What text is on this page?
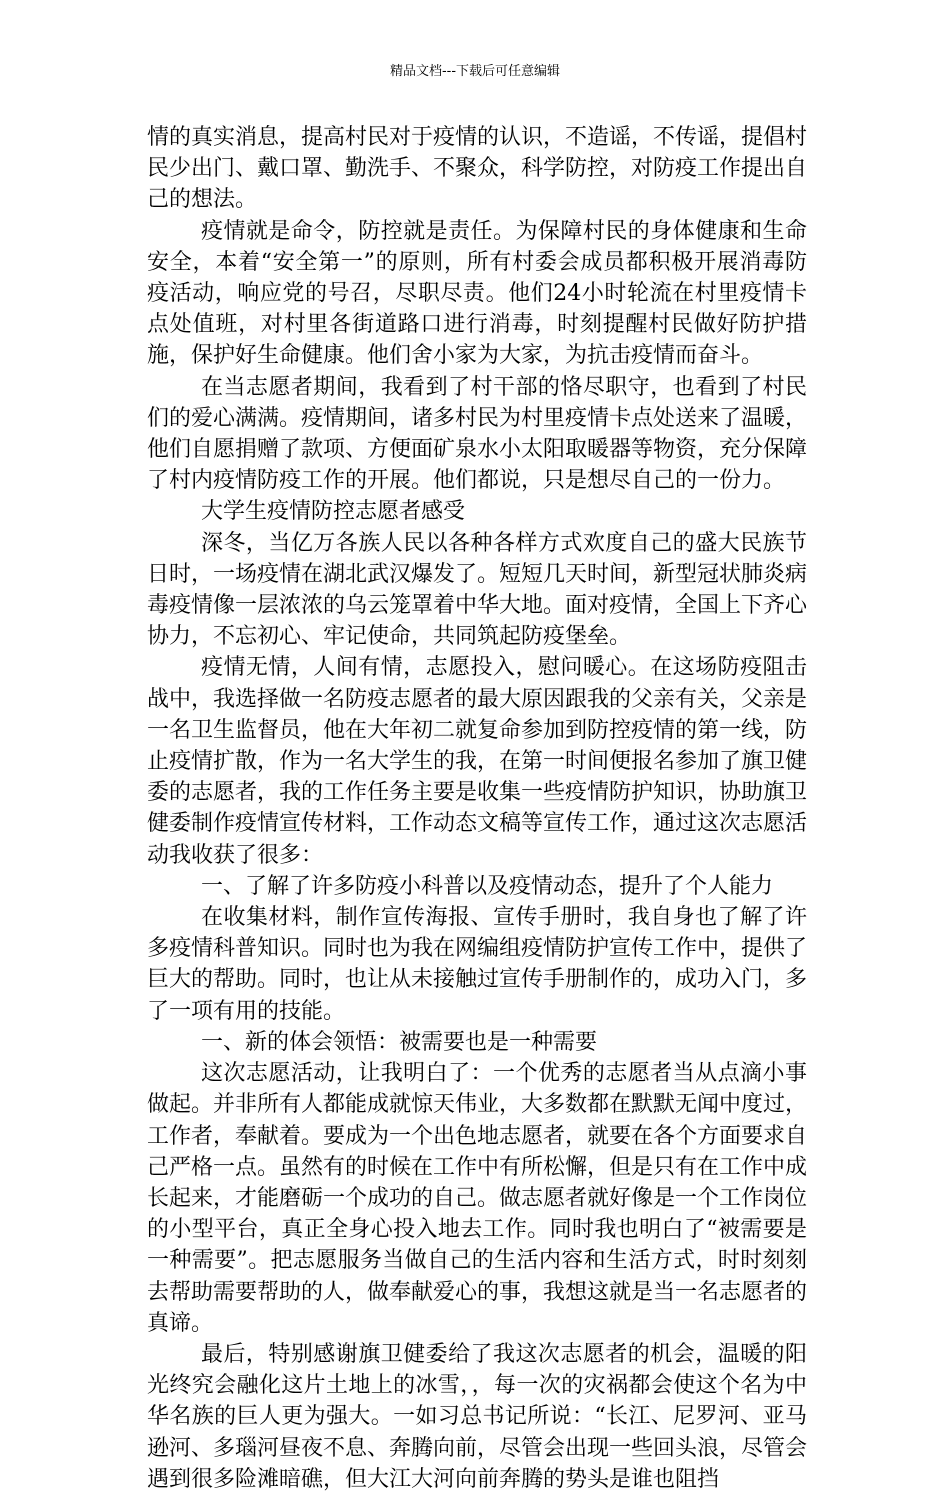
精品文档---下载后可任意编辑

情的真实消息，提高村民对于疫情的认识，不造谣，不传谣，提倡村民少出门、戴口罩、勤洗手、不聚众，科学防控，对防疫工作提出自己的想法。

疫情就是命令，防控就是责任。为保障村民的身体健康和生命安全，本着“安全第一”的原则，所有村委会成员都积极开展消毒防疫活动，响应党的号召，尽职尽责。他们24小时轮流在村里疫情卡点处值班，对村里各街道路口进行消毒，时刻提醒村民做好防护措施，保护好生命健康。他们舍小家为大家，为抗击疫情而奋斗。

在当志愿者期间，我看到了村干部的恪尽职守，也看到了村民们的爱心满满。疫情期间，诸多村民为村里疫情卡点处送来了温暖，他们自愿捐赠了款项、方便面矿泉水小太阳取暖器等物资，充分保障了村内疫情防疫工作的开展。他们都说，只是想尽自己的一份力。

大学生疫情防控志愿者感受

深冬，当亿万各族人民以各种各样方式欢度自己的盛大民族节日时，一场疫情在湖北武汉爆发了。短短几天时间，新型冠状肺炎病毒疫情像一层浓浓的乌云笼罩着中华大地。面对疫情，全国上下齐心协力，不忘初心、牢记使命，共同筑起防疫堡垒。

疫情无情，人间有情，志愿投入，慰问暖心。在这场防疫阻击战中，我选择做一名防疫志愿者的最大原因跟我的父亲有关，父亲是一名卫生监督员，他在大年初二就复命参加到防控疫情的第一线，防止疫情扩散，作为一名大学生的我，在第一时间便报名参加了旗卫健委的志愿者，我的工作任务主要是收集一些疫情防护知识，协助旗卫健委制作疫情宣传材料，工作动态文稿等宣传工作，通过这次志愿活动我收获了很多：

一、了解了许多防疫小科普以及疫情动态，提升了个人能力

在收集材料，制作宣传海报、宣传手册时，我自身也了解了许多疫情科普知识。同时也为我在网编组疫情防护宣传工作中，提供了巨大的帮助。同时，也让从未接触过宣传手册制作的，成功入门，多了一项有用的技能。

一、新的体会领悟：被需要也是一种需要

这次志愿活动，让我明白了：一个优秀的志愿者当从点滴小事做起。并非所有人都能成就惊天伟业，大多数都在默默无闻中度过，工作者，奉献着。要成为一个出色地志愿者，就要在各个方面要求自己严格一点。虽然有的时候在工作中有所松懈，但是只有在工作中成长起来，才能磨砺一个成功的自己。做志愿者就好像是一个工作岗位的小型平台，真正全身心投入地去工作。同时我也明白了“被需要是一种需要”。把志愿服务当做自己的生活内容和生活方式，时时刻刻去帮助需要帮助的人，做奉献爱心的事，我想这就是当一名志愿者的真谛。

最后，特别感谢旗卫健委给了我这次志愿者的机会，温暖的阳光终究会融化这片土地上的冰雪，，每一次的灾祸都会使这个名为中华名族的巨人更为强大。一如习总书记所说：“长江、尼罗河、亚马逊河、多瑙河昼夜不息、奔腾向前，尽管会出现一些回头浪，尽管会遇到很多险滩暗礁，但大江大河向前奔腾的势头是谁也阻挡
